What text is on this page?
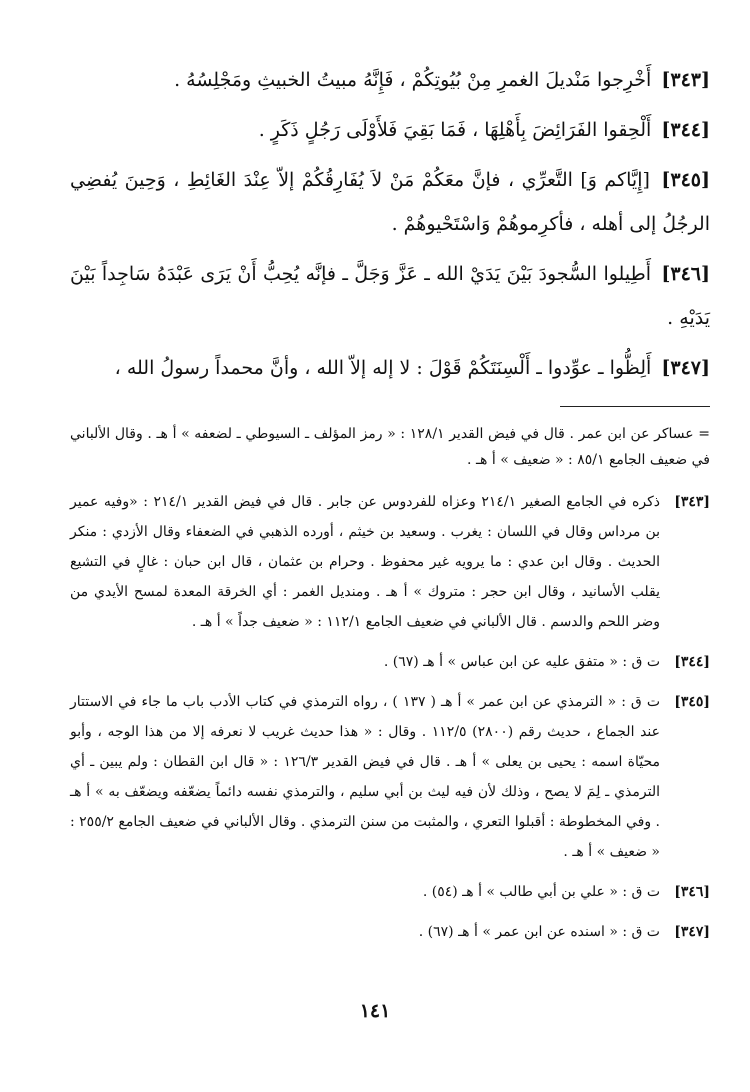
[٣٤٣] أَخْرِجوا مَنْديلَ الغمرِ مِنْ بُيُوتِكُمْ ، فَإِنَّهُ مبيتُ الخبيثِ ومَجْلِسُهُ .

[٣٤٤] أَلْحِقوا الفَرَائِضَ بِأَهْلِهَا ، فَمَا بَقِيَ فَلأَوْلَى رَجُلٍ ذَكَرٍ .

[٣٤٥] [إِيَّاكم وَ] التَّعرِّي ، فإنَّ معَكُمْ مَنْ لاَ يُفَارِقُكُمْ إلاّ عِنْدَ الغَائِطِ ، وَحِينَ يُفضِي الرجُلُ إلى أهله ، فأكرِموهُمْ وَاسْتَحْيوهُمْ .

[٣٤٦] أَطِيلوا السُّجودَ بَيْنَ يَدَيْ الله ـ عَزَّ وَجَلَّ ـ فإنَّه يُحِبُّ أَنْ يَرَى عَبْدَهُ سَاجِداً بَيْنَ يَدَيْهِ .

[٣٤٧] أَلِظُّوا ـ عوِّدوا ـ أَلْسِنَتَكُمْ قَوْلَ : لا إله إلاّ الله ، وأنَّ محمداً رسولُ الله ،

= عساكر عن ابن عمر . قال في فيض القدير ١٢٨/١ : « رمز المؤلف ـ السيوطي ـ لضعفه » أ هـ . وقال الألباني في ضعيف الجامع ٨٥/١ : « ضعيف » أ هـ .

[٣٤٣]
ذكره في الجامع الصغير ٢١٤/١ وعزاه للفردوس عن جابر . قال في فيض القدير ٢١٤/١ : «وفيه عمير بن مرداس وقال في اللسان : يغرب . وسعيد بن خيثم ، أورده الذهبي في الضعفاء وقال الأزدي : منكر الحديث . وقال ابن عدي : ما يرويه غير محفوظ . وحرام بن عثمان ، قال ابن حبان : غالٍ في التشيع يقلب الأسانيد ، وقال ابن حجر : متروك » أ هـ . ومنديل الغمر : أي الخرقة المعدة لمسح الأيدي من وضر اللحم والدسم . قال الألباني في ضعيف الجامع ١١٢/١ : « ضعيف جداً » أ هـ .
[٣٤٤]
ت ق : « متفق عليه عن ابن عباس » أ هـ (٦٧) .
[٣٤٥]
ت ق : « الترمذي عن ابن عمر » أ هـ ( ١٣٧ ) ، رواه الترمذي في كتاب الأدب باب ما جاء في الاستتار عند الجماع ، حديث رقم (٢٨٠٠) ١١٢/٥ . وقال : « هذا حديث غريب لا نعرفه إلا من هذا الوجه ، وأبو محيّاة اسمه : يحيى بن يعلى » أ هـ . قال في فيض القدير ١٢٦/٣ : « قال ابن القطان : ولم يبين ـ أي الترمذي ـ لِمَ لا يصح ، وذلك لأن فيه ليث بن أبي سليم ، والترمذي نفسه دائماً يضعّفه ويضعّف به » أ هـ . وفي المخطوطة : أقبلوا التعري ، والمثبت من سنن الترمذي . وقال الألباني في ضعيف الجامع ٢٥٥/٢ : « ضعيف » أ هـ .
[٣٤٦]
ت ق : « علي بن أبي طالب » أ هـ (٥٤) .
[٣٤٧]
ت ق : « اسنده عن ابن عمر » أ هـ (٦٧) .
١٤١
